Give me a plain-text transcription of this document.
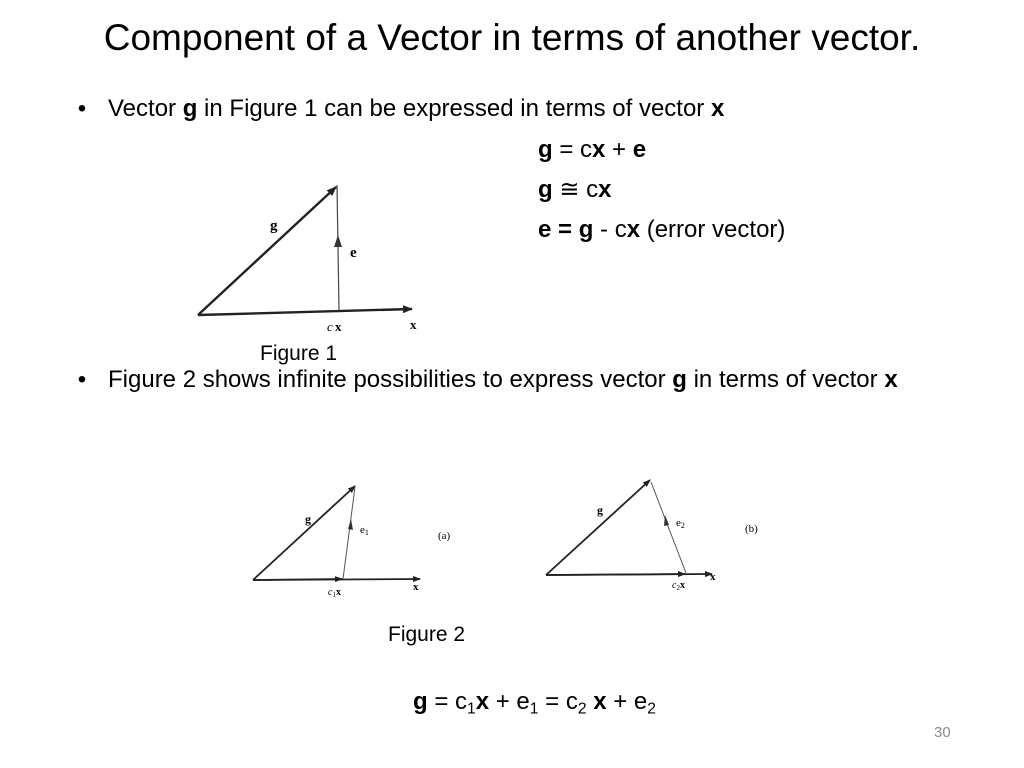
Component of a Vector in terms of another vector.
• Vector g in Figure 1 can be expressed in terms of vector x
g = cx + e
g ≅ cx
e = g - cx (error vector)
g
e
c x	x
Figure 1
• Figure 2 shows infinite possibilities to express vector g in terms of vector x
g
e1
$c_1x$	x
(a)
g
e2
$c_2x$
x
(b)
Figure 2
$g = c_1x + e_1 = c_2$ $x + e_2$
30
